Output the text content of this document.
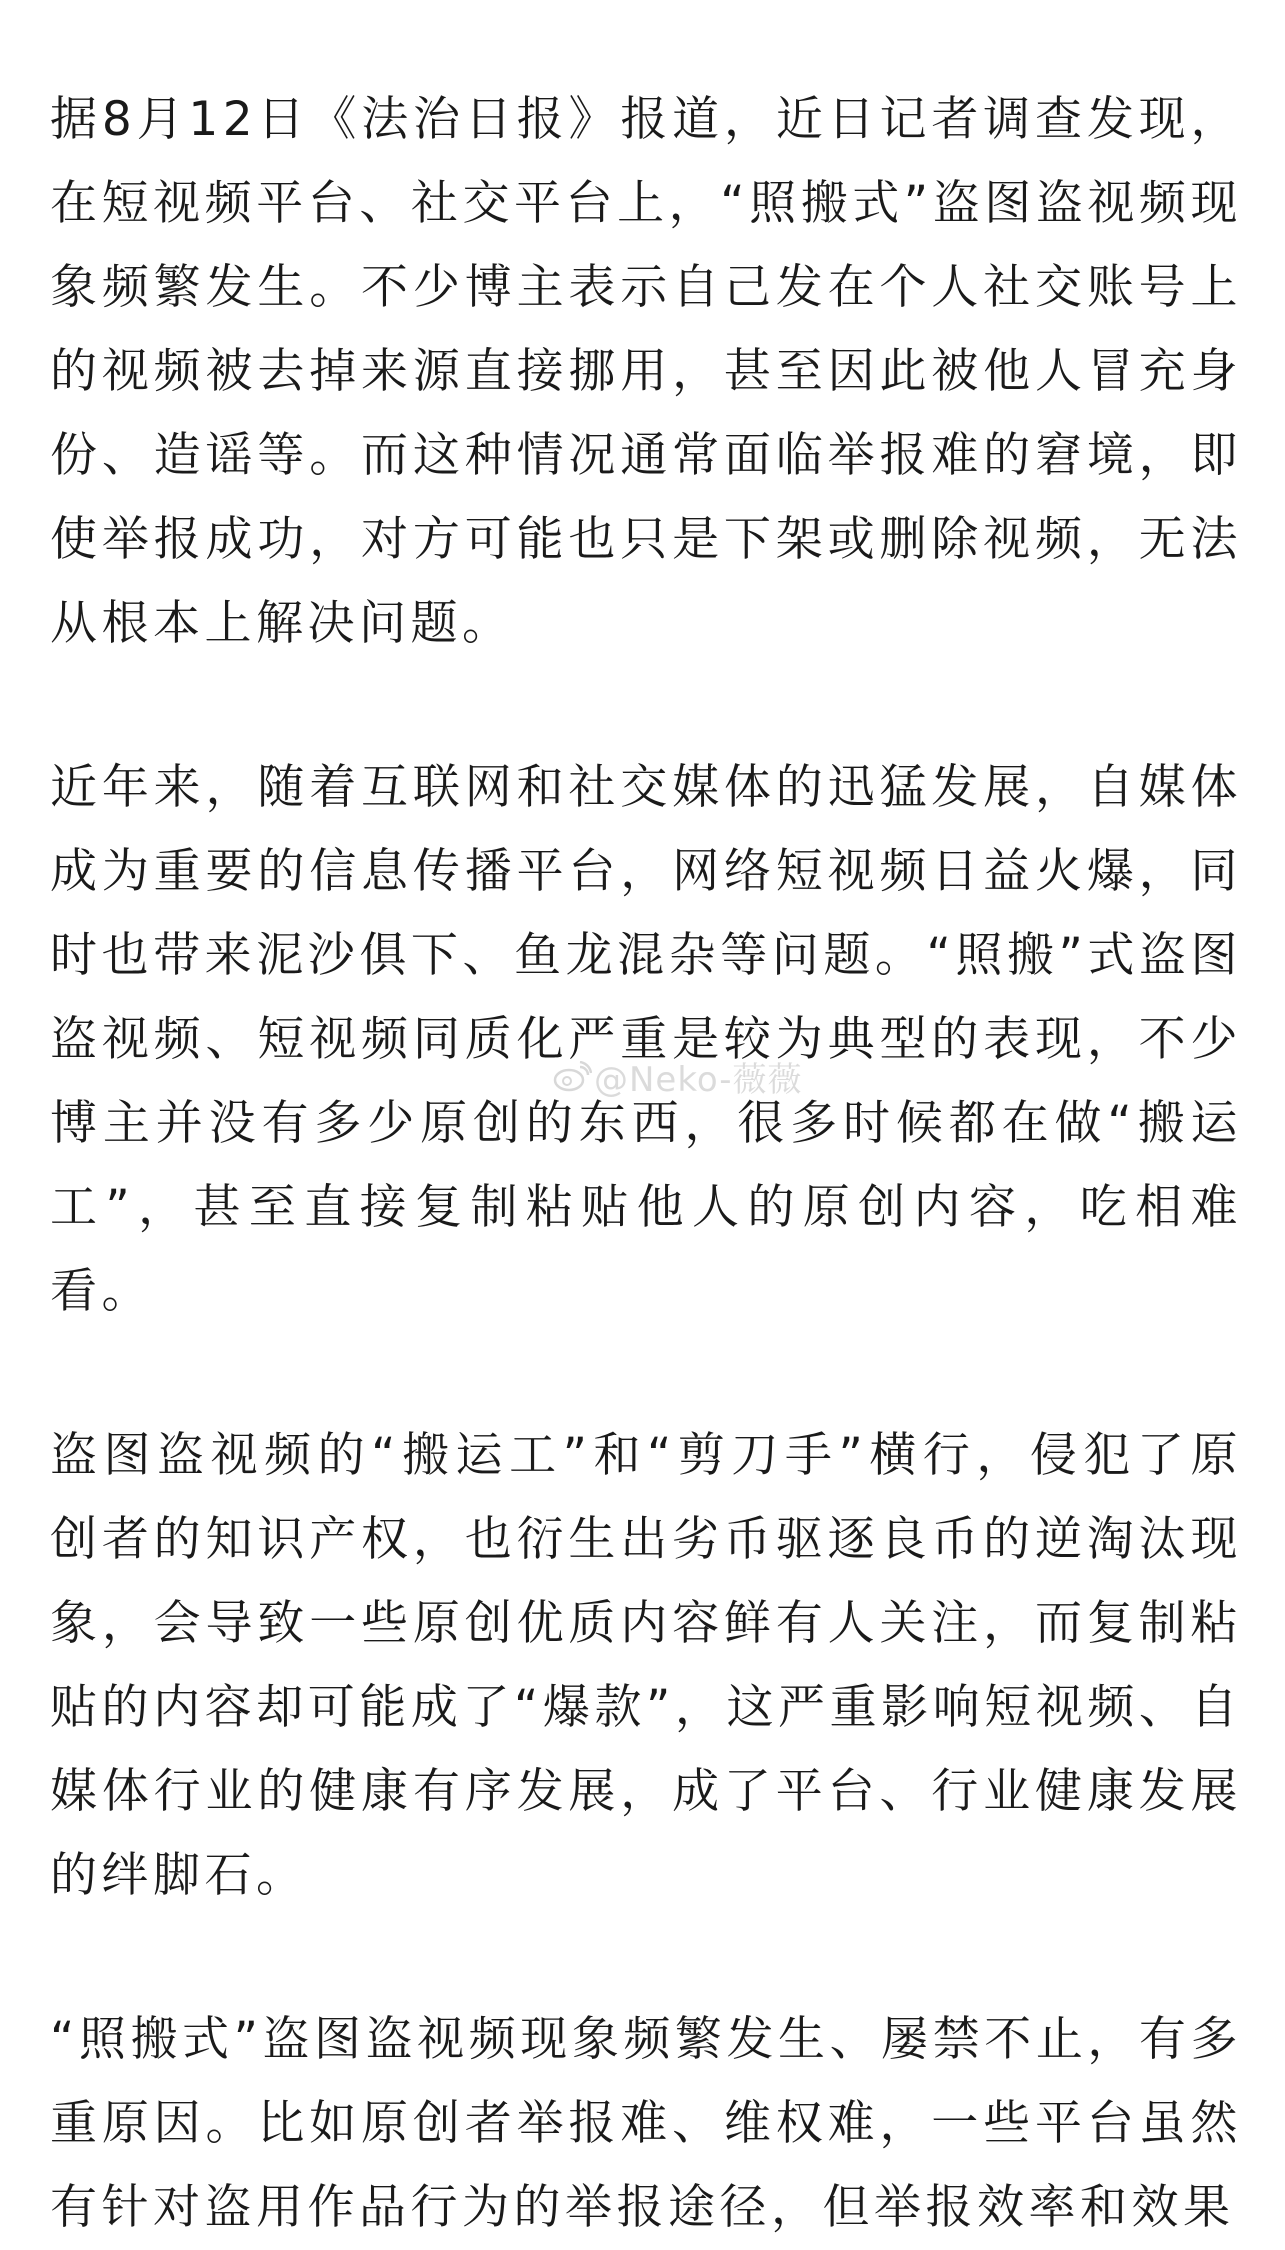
据8月12日《法治日报》报道，近日记者调查发现，在短视频平台、社交平台上，“照搬式”盗图盗视频现象频繁发生。不少博主表示自己发在个人社交账号上的视频被去掉来源直接挪用，甚至因此被他人冒充身份、造谣等。而这种情况通常面临举报难的窘境，即使举报成功，对方可能也只是下架或删除视频，无法从根本上解决问题。

近年来，随着互联网和社交媒体的迅猛发展，自媒体成为重要的信息传播平台，网络短视频日益火爆，同时也带来泥沙俱下、鱼龙混杂等问题。“照搬”式盗图盗视频、短视频同质化严重是较为典型的表现，不少博主并没有多少原创的东西，很多时候都在做“搬运工”，甚至直接复制粘贴他人的原创内容，吃相难看。

盗图盗视频的“搬运工”和“剪刀手”横行，侵犯了原创者的知识产权，也衍生出劣币驱逐良币的逆淘汰现象，会导致一些原创优质内容鲜有人关注，而复制粘贴的内容却可能成了“爆款”，这严重影响短视频、自媒体行业的健康有序发展，成了平台、行业健康发展的绊脚石。

“照搬式”盗图盗视频现象频繁发生、屡禁不止，有多重原因。比如原创者举报难、维权难，一些平台虽然有针对盗用作品行为的举报途径，但举报效率和效果

@Neko-薇薇
